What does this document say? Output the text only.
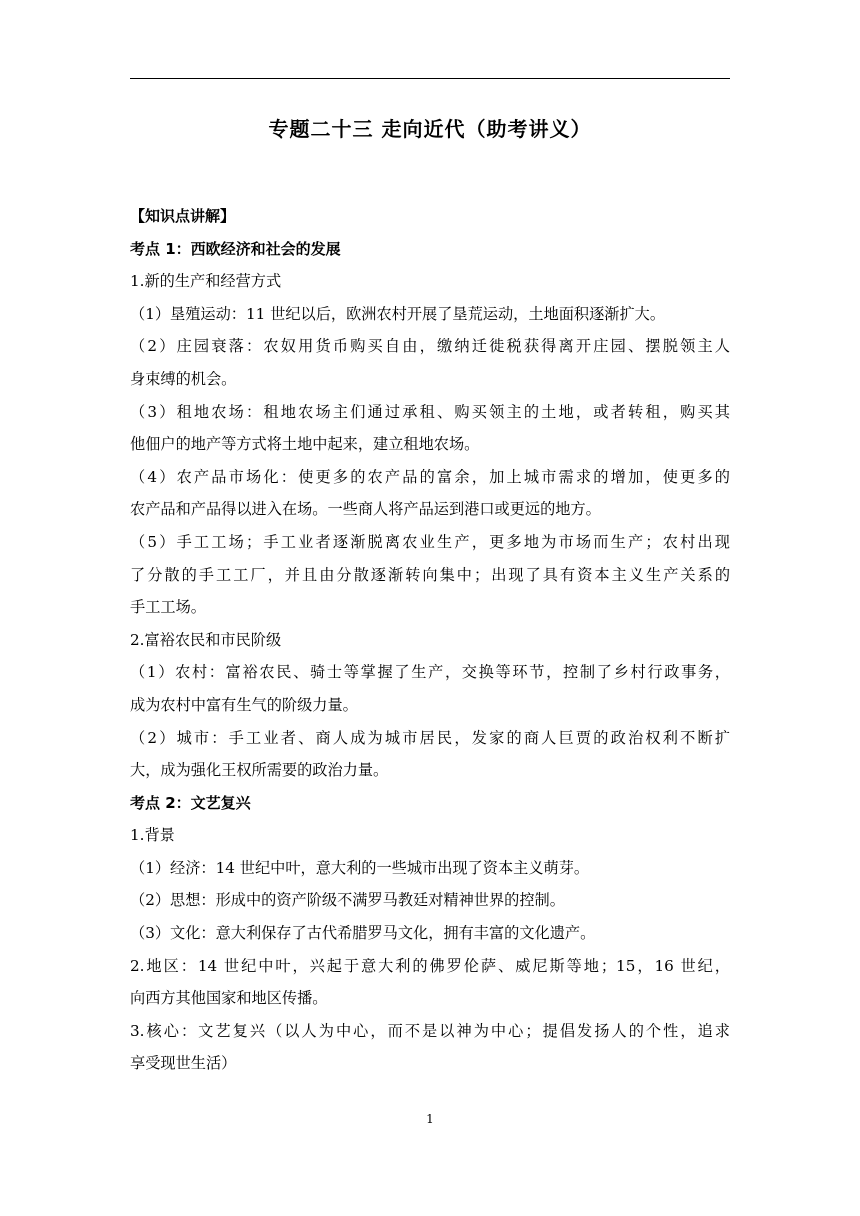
专题二十三 走向近代（助考讲义）
【知识点讲解】
考点 1：西欧经济和社会的发展
1.新的生产和经营方式
（1）垦殖运动：11 世纪以后，欧洲农村开展了垦荒运动，土地面积逐渐扩大。
（2）庄园衰落：农奴用货币购买自由，缴纳迁徙税获得离开庄园、摆脱领主人
身束缚的机会。
（3）租地农场：租地农场主们通过承租、购买领主的土地，或者转租，购买其
他佃户的地产等方式将土地中起来，建立租地农场。
（4）农产品市场化：使更多的农产品的富余，加上城市需求的增加，使更多的
农产品和产品得以进入在场。一些商人将产品运到港口或更远的地方。
（5）手工工场；手工业者逐渐脱离农业生产，更多地为市场而生产；农村出现
了分散的手工工厂，并且由分散逐渐转向集中；出现了具有资本主义生产关系的
手工工场。
2.富裕农民和市民阶级
（1）农村：富裕农民、骑士等掌握了生产，交换等环节，控制了乡村行政事务，
成为农村中富有生气的阶级力量。
（2）城市：手工业者、商人成为城市居民，发家的商人巨贾的政治权利不断扩
大，成为强化王权所需要的政治力量。
考点 2：文艺复兴
1.背景
（1）经济：14 世纪中叶，意大利的一些城市出现了资本主义萌芽。
（2）思想：形成中的资产阶级不满罗马教廷对精神世界的控制。
（3）文化：意大利保存了古代希腊罗马文化，拥有丰富的文化遗产。
2.地区：14 世纪中叶，兴起于意大利的佛罗伦萨、威尼斯等地；15，16 世纪，
向西方其他国家和地区传播。
3.核心：文艺复兴（以人为中心，而不是以神为中心；提倡发扬人的个性，追求
享受现世生活）
1
